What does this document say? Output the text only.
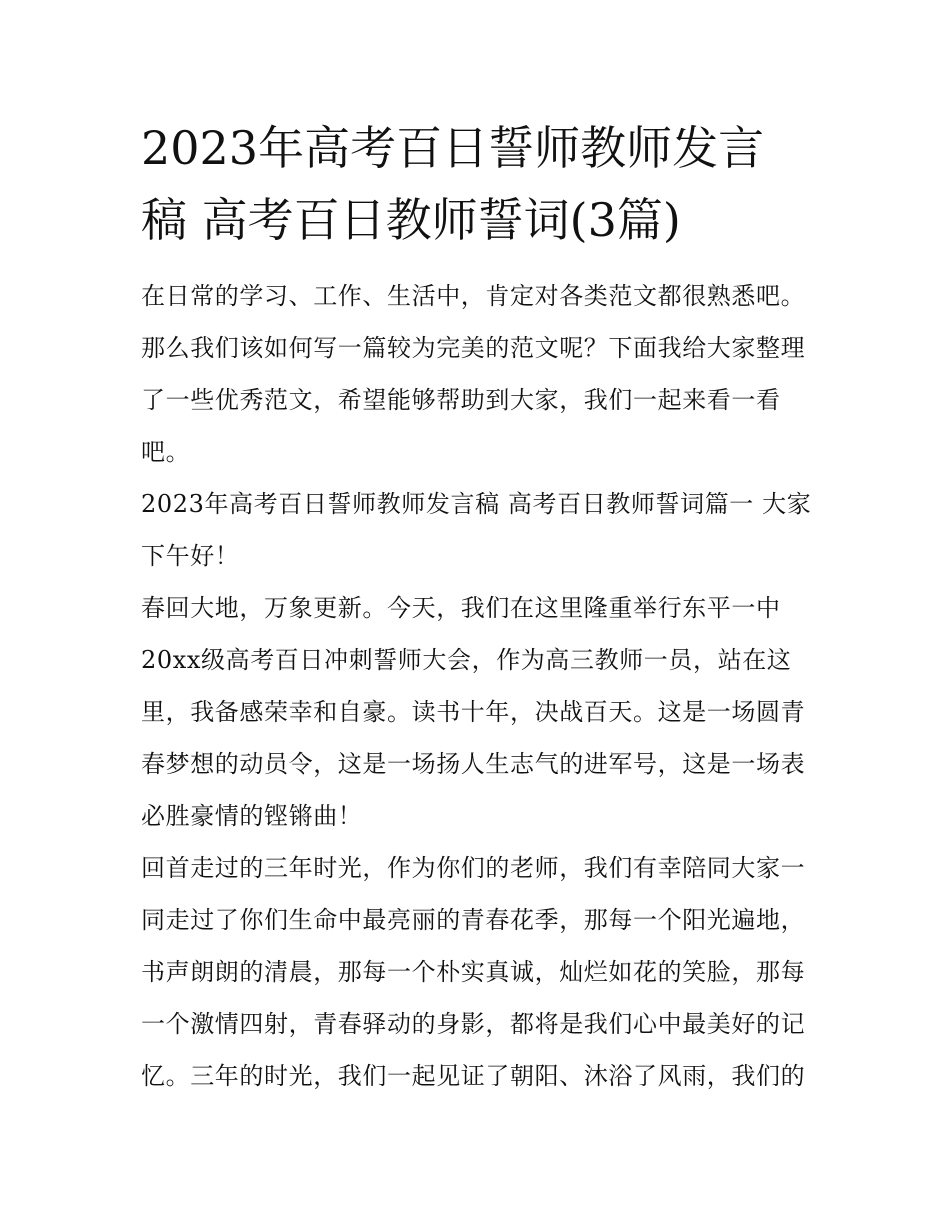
2023年高考百日誓师教师发言
稿 高考百日教师誓词(3篇)
在日常的学习、工作、生活中，肯定对各类范文都很熟悉吧。
那么我们该如何写一篇较为完美的范文呢？下面我给大家整理
了一些优秀范文，希望能够帮助到大家，我们一起来看一看
吧。
2023年高考百日誓师教师发言稿 高考百日教师誓词篇一 大家
下午好！
春回大地，万象更新。今天，我们在这里隆重举行东平一中
20xx级高考百日冲刺誓师大会，作为高三教师一员，站在这
里，我备感荣幸和自豪。读书十年，决战百天。这是一场圆青
春梦想的动员令，这是一场扬人生志气的进军号，这是一场表
必胜豪情的铿锵曲！
回首走过的三年时光，作为你们的老师，我们有幸陪同大家一
同走过了你们生命中最亮丽的青春花季，那每一个阳光遍地，
书声朗朗的清晨，那每一个朴实真诚，灿烂如花的笑脸，那每
一个激情四射，青春驿动的身影，都将是我们心中最美好的记
忆。三年的时光，我们一起见证了朝阳、沐浴了风雨，我们的
